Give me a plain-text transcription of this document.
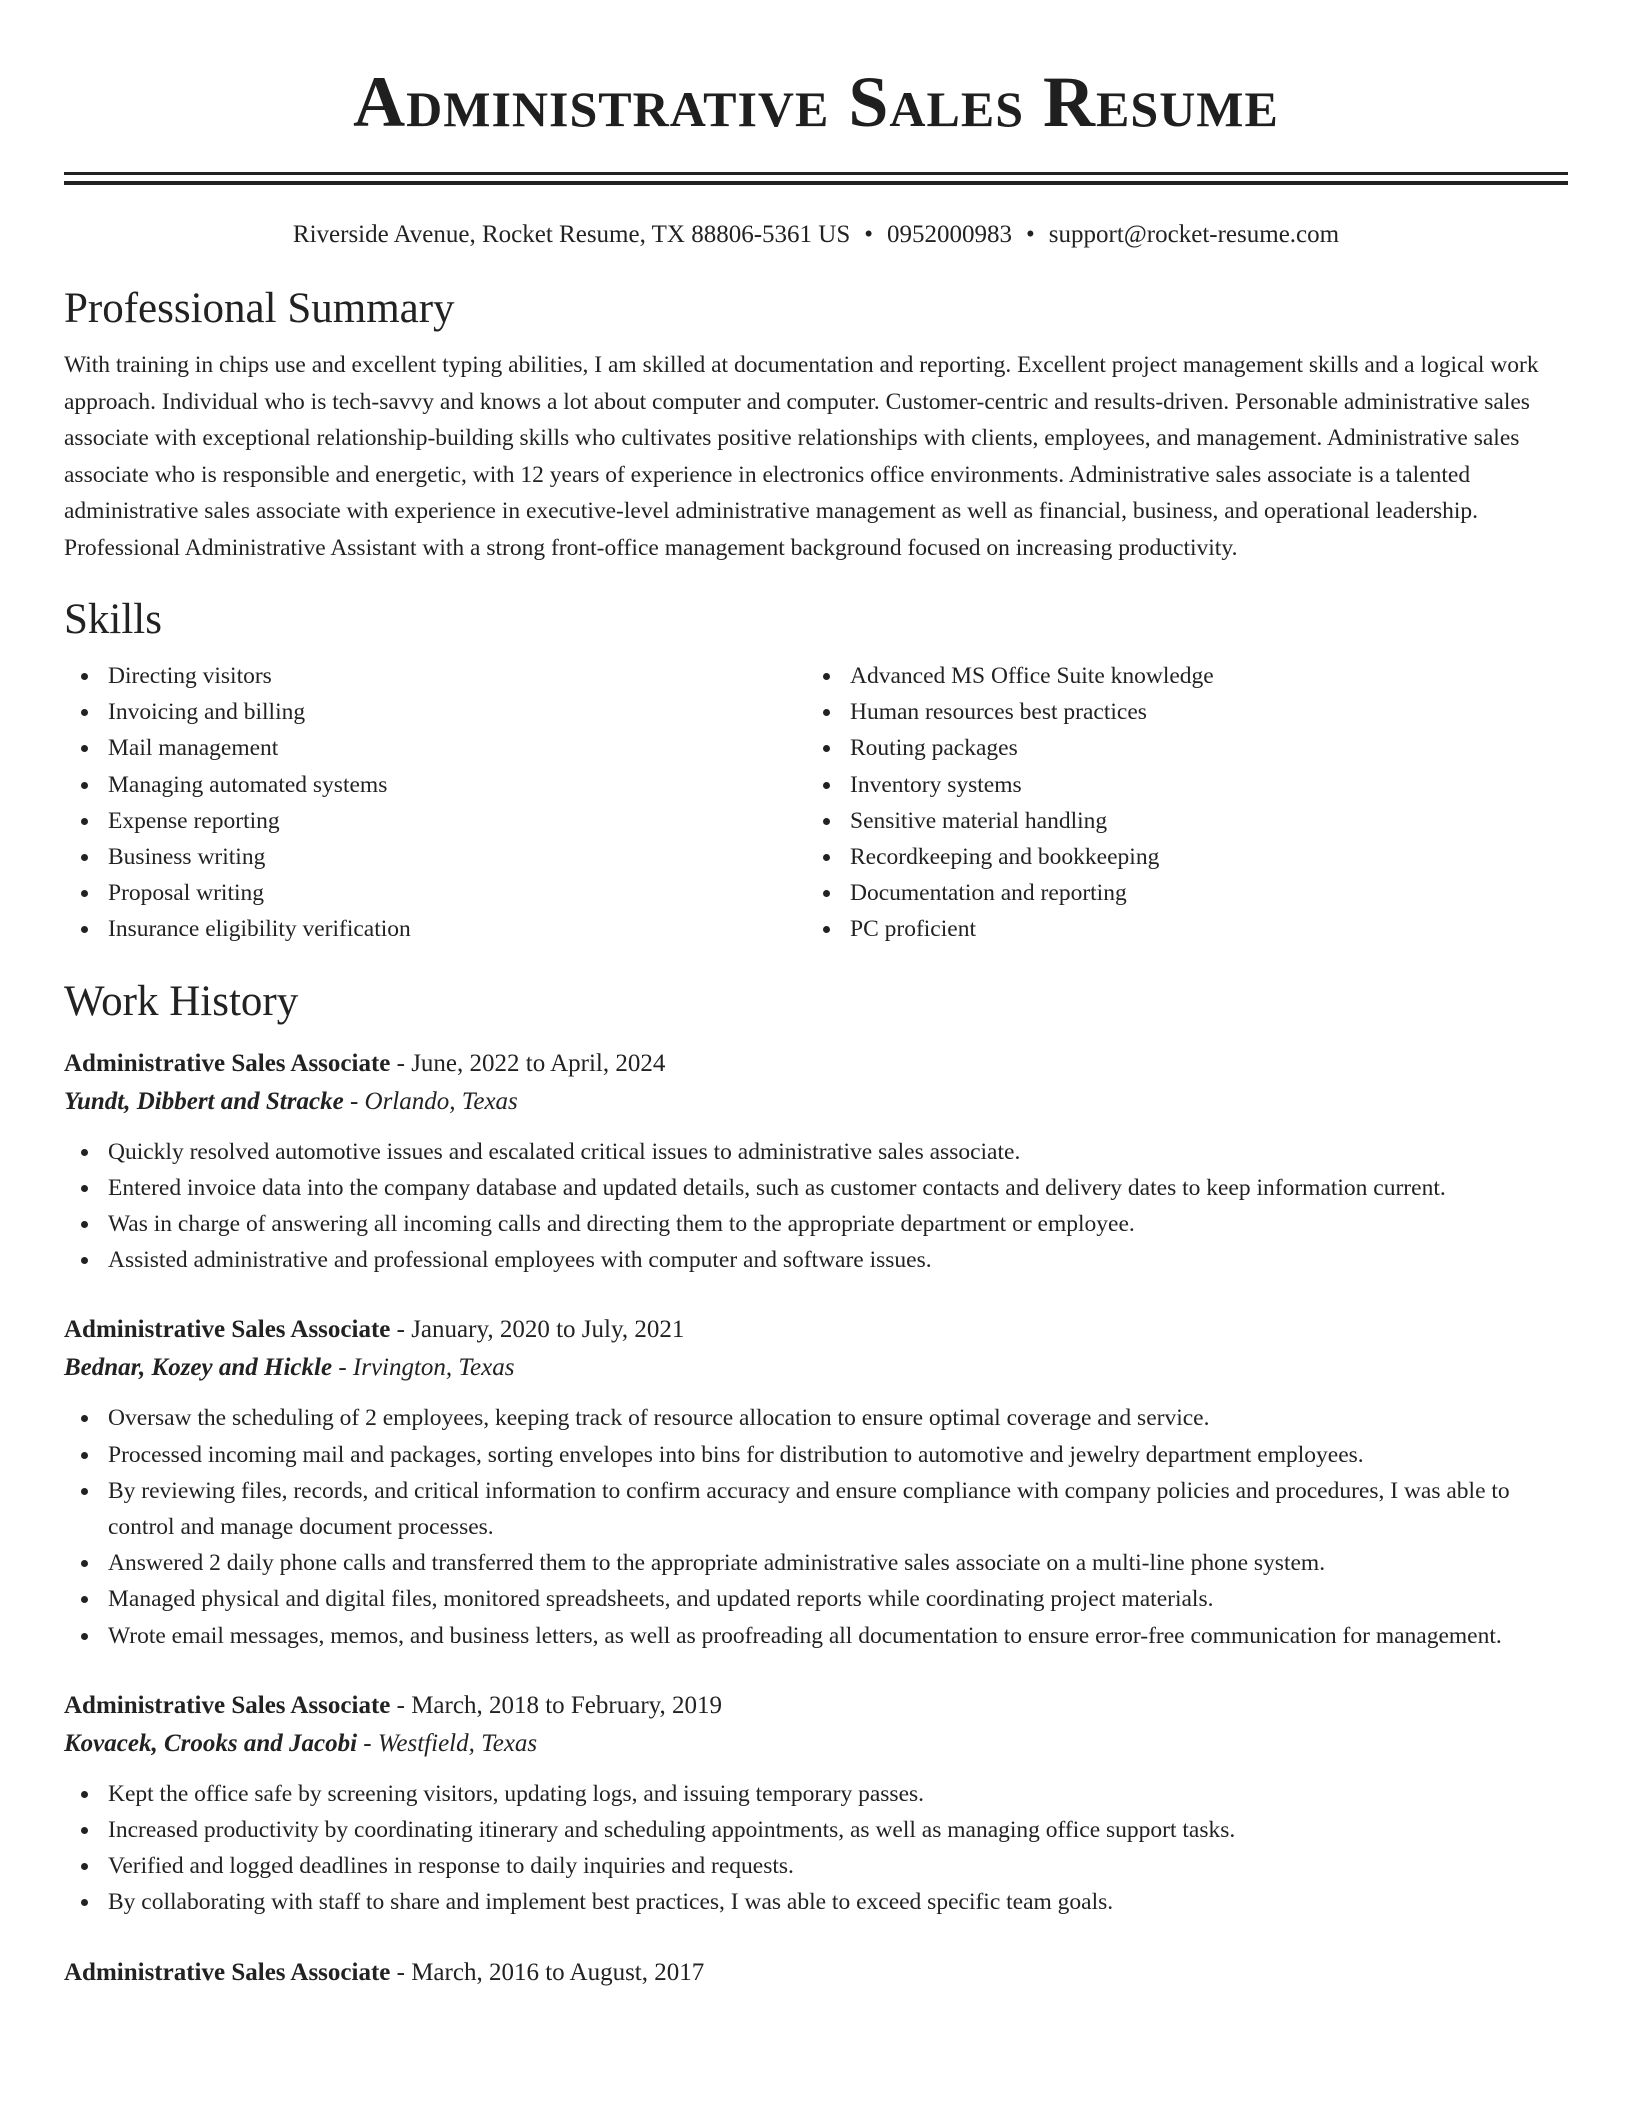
Administrative Sales Resume
Riverside Avenue, Rocket Resume, TX 88806-5361 US • 0952000983 • support@rocket-resume.com
Professional Summary

With training in chips use and excellent typing abilities, I am skilled at documentation and reporting. Excellent project management skills and a logical work approach. Individual who is tech-savvy and knows a lot about computer and computer. Customer-centric and results-driven. Personable administrative sales associate with exceptional relationship-building skills who cultivates positive relationships with clients, employees, and management. Administrative sales associate who is responsible and energetic, with 12 years of experience in electronics office environments. Administrative sales associate is a talented administrative sales associate with experience in executive-level administrative management as well as financial, business, and operational leadership. Professional Administrative Assistant with a strong front-office management background focused on increasing productivity.

Skills
Directing visitors
Invoicing and billing
Mail management
Managing automated systems
Expense reporting
Business writing
Proposal writing
Insurance eligibility verification
Advanced MS Office Suite knowledge
Human resources best practices
Routing packages
Inventory systems
Sensitive material handling
Recordkeeping and bookkeeping
Documentation and reporting
PC proficient
Work History
Administrative Sales Associate - June, 2022 to April, 2024
Yundt, Dibbert and Stracke - Orlando, Texas
Quickly resolved automotive issues and escalated critical issues to administrative sales associate.
Entered invoice data into the company database and updated details, such as customer contacts and delivery dates to keep information current.
Was in charge of answering all incoming calls and directing them to the appropriate department or employee.
Assisted administrative and professional employees with computer and software issues.
Administrative Sales Associate - January, 2020 to July, 2021
Bednar, Kozey and Hickle - Irvington, Texas
Oversaw the scheduling of 2 employees, keeping track of resource allocation to ensure optimal coverage and service.
Processed incoming mail and packages, sorting envelopes into bins for distribution to automotive and jewelry department employees.
By reviewing files, records, and critical information to confirm accuracy and ensure compliance with company policies and procedures, I was able to control and manage document processes.
Answered 2 daily phone calls and transferred them to the appropriate administrative sales associate on a multi-line phone system.
Managed physical and digital files, monitored spreadsheets, and updated reports while coordinating project materials.
Wrote email messages, memos, and business letters, as well as proofreading all documentation to ensure error-free communication for management.
Administrative Sales Associate - March, 2018 to February, 2019
Kovacek, Crooks and Jacobi - Westfield, Texas
Kept the office safe by screening visitors, updating logs, and issuing temporary passes.
Increased productivity by coordinating itinerary and scheduling appointments, as well as managing office support tasks.
Verified and logged deadlines in response to daily inquiries and requests.
By collaborating with staff to share and implement best practices, I was able to exceed specific team goals.
Administrative Sales Associate - March, 2016 to August, 2017
